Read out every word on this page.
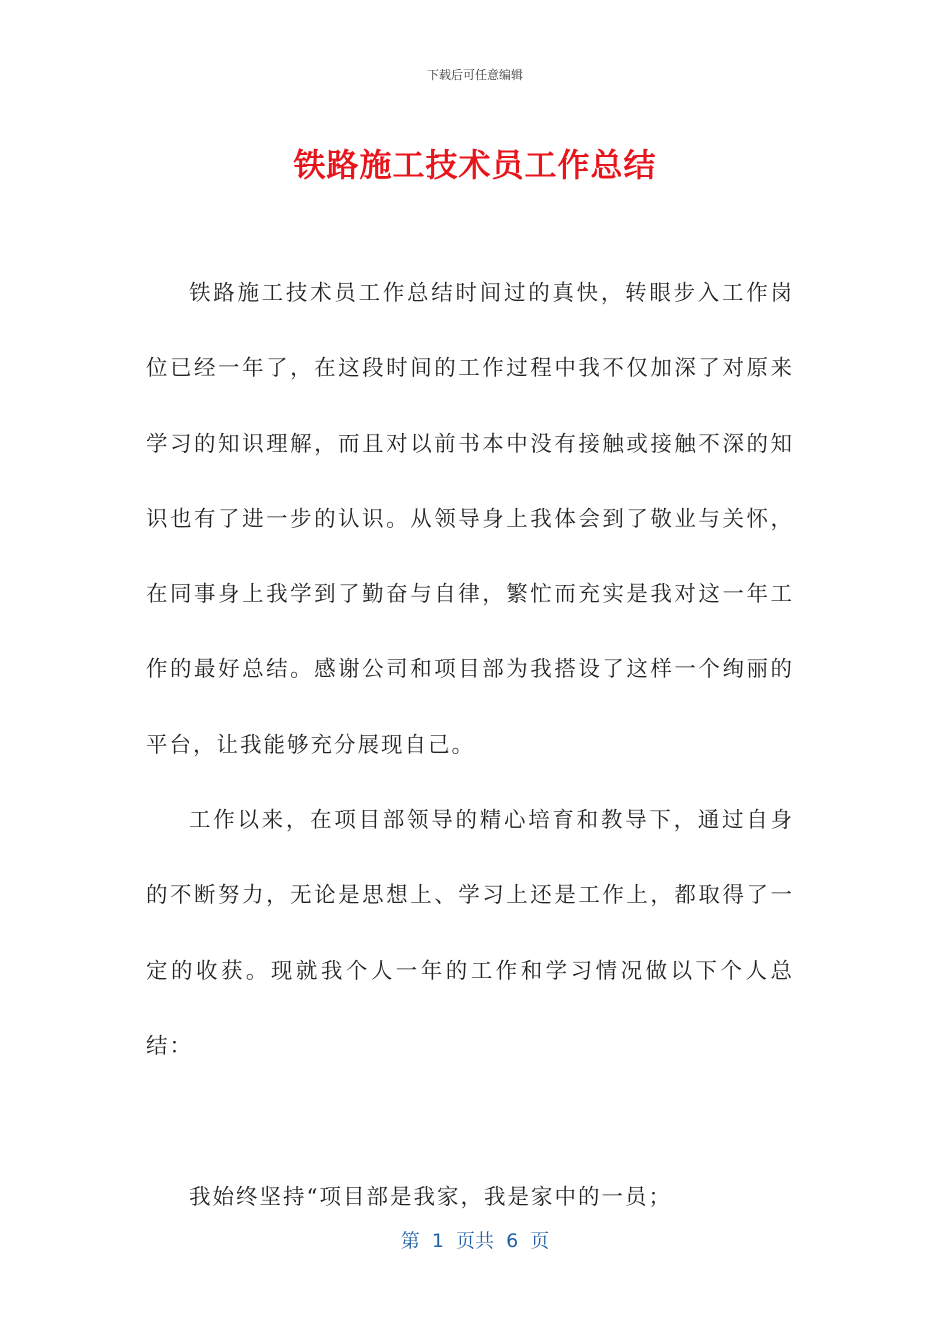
下载后可任意编辑
铁路施工技术员工作总结

铁路施工技术员工作总结时间过的真快，转眼步入工作岗位已经一年了，在这段时间的工作过程中我不仅加深了对原来学习的知识理解，而且对以前书本中没有接触或接触不深的知识也有了进一步的认识。从领导身上我体会到了敬业与关怀，在同事身上我学到了勤奋与自律，繁忙而充实是我对这一年工作的最好总结。感谢公司和项目部为我搭设了这样一个绚丽的平台，让我能够充分展现自己。

工作以来，在项目部领导的精心培育和教导下，通过自身的不断努力，无论是思想上、学习上还是工作上，都取得了一定的收获。现就我个人一年的工作和学习情况做以下个人总结：

我始终坚持“项目部是我家，我是家中的一员；

第  1  页共  6  页
